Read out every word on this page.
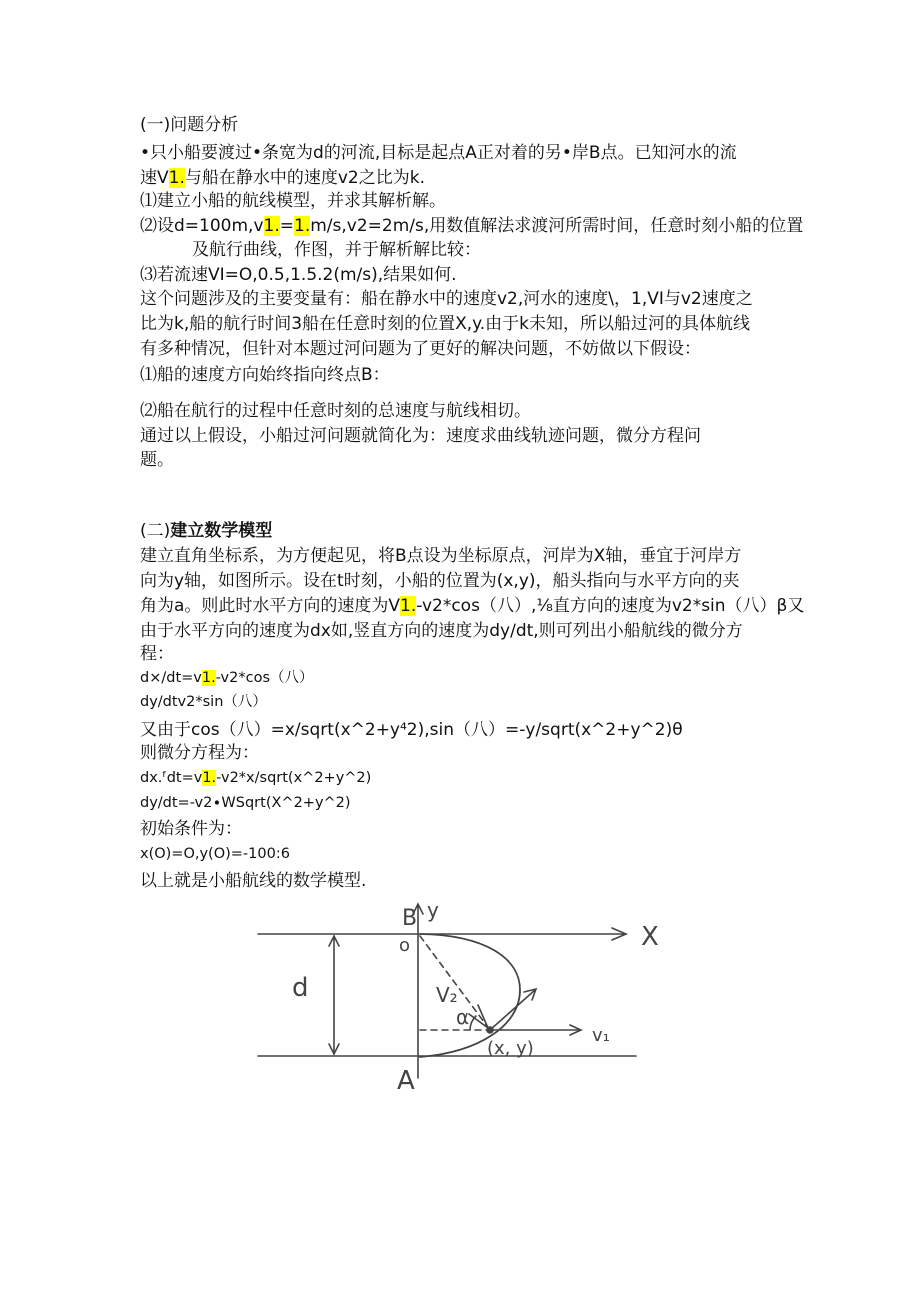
(一)问题分析
•只小船要渡过•条宽为d的河流,目标是起点A正对着的另•岸B点。已知河水的流
速V1.与船在静水中的速度v2之比为k.
⑴建立小船的航线模型，并求其解析解。
⑵设d=100m,v1.=1.m∕s,v2=2m∕s,用数值解法求渡河所需时间，任意时刻小船的位置
及航行曲线，作图，并于解析解比较：
⑶若流速VI=O,0.5,1.5.2(m∕s),结果如何.
这个问题涉及的主要变量有：船在静水中的速度v2,河水的速度\，1,VI与v2速度之
比为k,船的航行时间3船在任意时刻的位置X,y.由于k未知，所以船过河的具体航线
有多种情况，但针对本题过河问题为了更好的解决问题，不妨做以下假设：
⑴船的速度方向始终指向终点B：
⑵船在航行的过程中任意时刻的总速度与航线相切。
通过以上假设，小船过河问题就简化为：速度求曲线轨迹问题，微分方程问
题。
(二)建立数学模型
建立直角坐标系，为方便起见，将B点设为坐标原点，河岸为X轴，垂宜于河岸方
向为y轴，如图所示。设在t时刻，小船的位置为(x,y)，船头指向与水平方向的夹
角为a。则此时水平方向的速度为V1.-v2*cos（八）,⅛直方向的速度为v2*sin（八）β又
由于水平方向的速度为dx如,竖直方向的速度为dy∕dt,则可列出小船航线的微分方
程：
d×∕dt=v1.-v2*cos（八）
dy/dtv2*sin（八）
又由于cos（八）=x/sqrt(x^2+y⁴2),sin（八）=-y/sqrt(x^2+y^2)θ
则微分方程为：
dx.ᶠdt=v1.-v2*x/sqrt(x^2+y^2)
dy∕dt=-v2∙WSqrt(X^2+y^2)
初始条件为：
x(O)=O,y(O)=-100:6
以上就是小船航线的数学模型.
B y
o	X
d	V₂
α
v₁
(x, y)
A
